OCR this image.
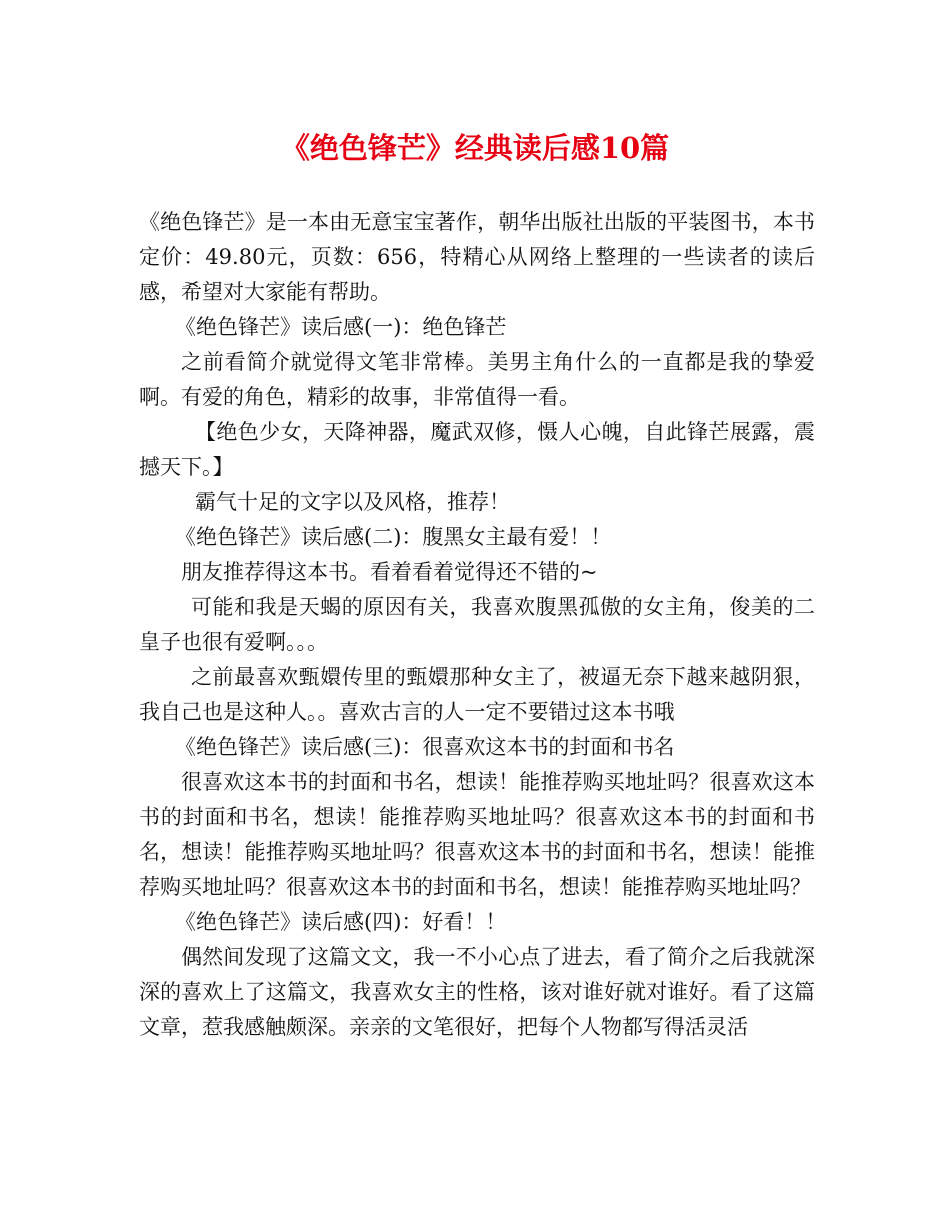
《绝色锋芒》经典读后感10篇

《绝色锋芒》是一本由无意宝宝著作，朝华出版社出版的平装图书，本书定价：49.80元，页数：656，特精心从网络上整理的一些读者的读后感，希望对大家能有帮助。

《绝色锋芒》读后感(一)：绝色锋芒

之前看简介就觉得文笔非常棒。美男主角什么的一直都是我的挚爱啊。有爱的角色，精彩的故事，非常值得一看。

【绝色少女，天降神器，魔武双修，慑人心魄，自此锋芒展露，震撼天下。】

霸气十足的文字以及风格，推荐！

《绝色锋芒》读后感(二)：腹黑女主最有爱！！

朋友推荐得这本书。看着看着觉得还不错的~

可能和我是天蝎的原因有关，我喜欢腹黑孤傲的女主角，俊美的二皇子也很有爱啊。。。

之前最喜欢甄嬛传里的甄嬛那种女主了，被逼无奈下越来越阴狠，我自己也是这种人。。喜欢古言的人一定不要错过这本书哦

《绝色锋芒》读后感(三)：很喜欢这本书的封面和书名

很喜欢这本书的封面和书名，想读！能推荐购买地址吗？很喜欢这本书的封面和书名，想读！能推荐购买地址吗？很喜欢这本书的封面和书名，想读！能推荐购买地址吗？很喜欢这本书的封面和书名，想读！能推荐购买地址吗？很喜欢这本书的封面和书名，想读！能推荐购买地址吗？

《绝色锋芒》读后感(四)：好看！！

偶然间发现了这篇文文，我一不小心点了进去，看了简介之后我就深深的喜欢上了这篇文，我喜欢女主的性格，该对谁好就对谁好。看了这篇文章，惹我感触颇深。亲亲的文笔很好，把每个人物都写得活灵活
